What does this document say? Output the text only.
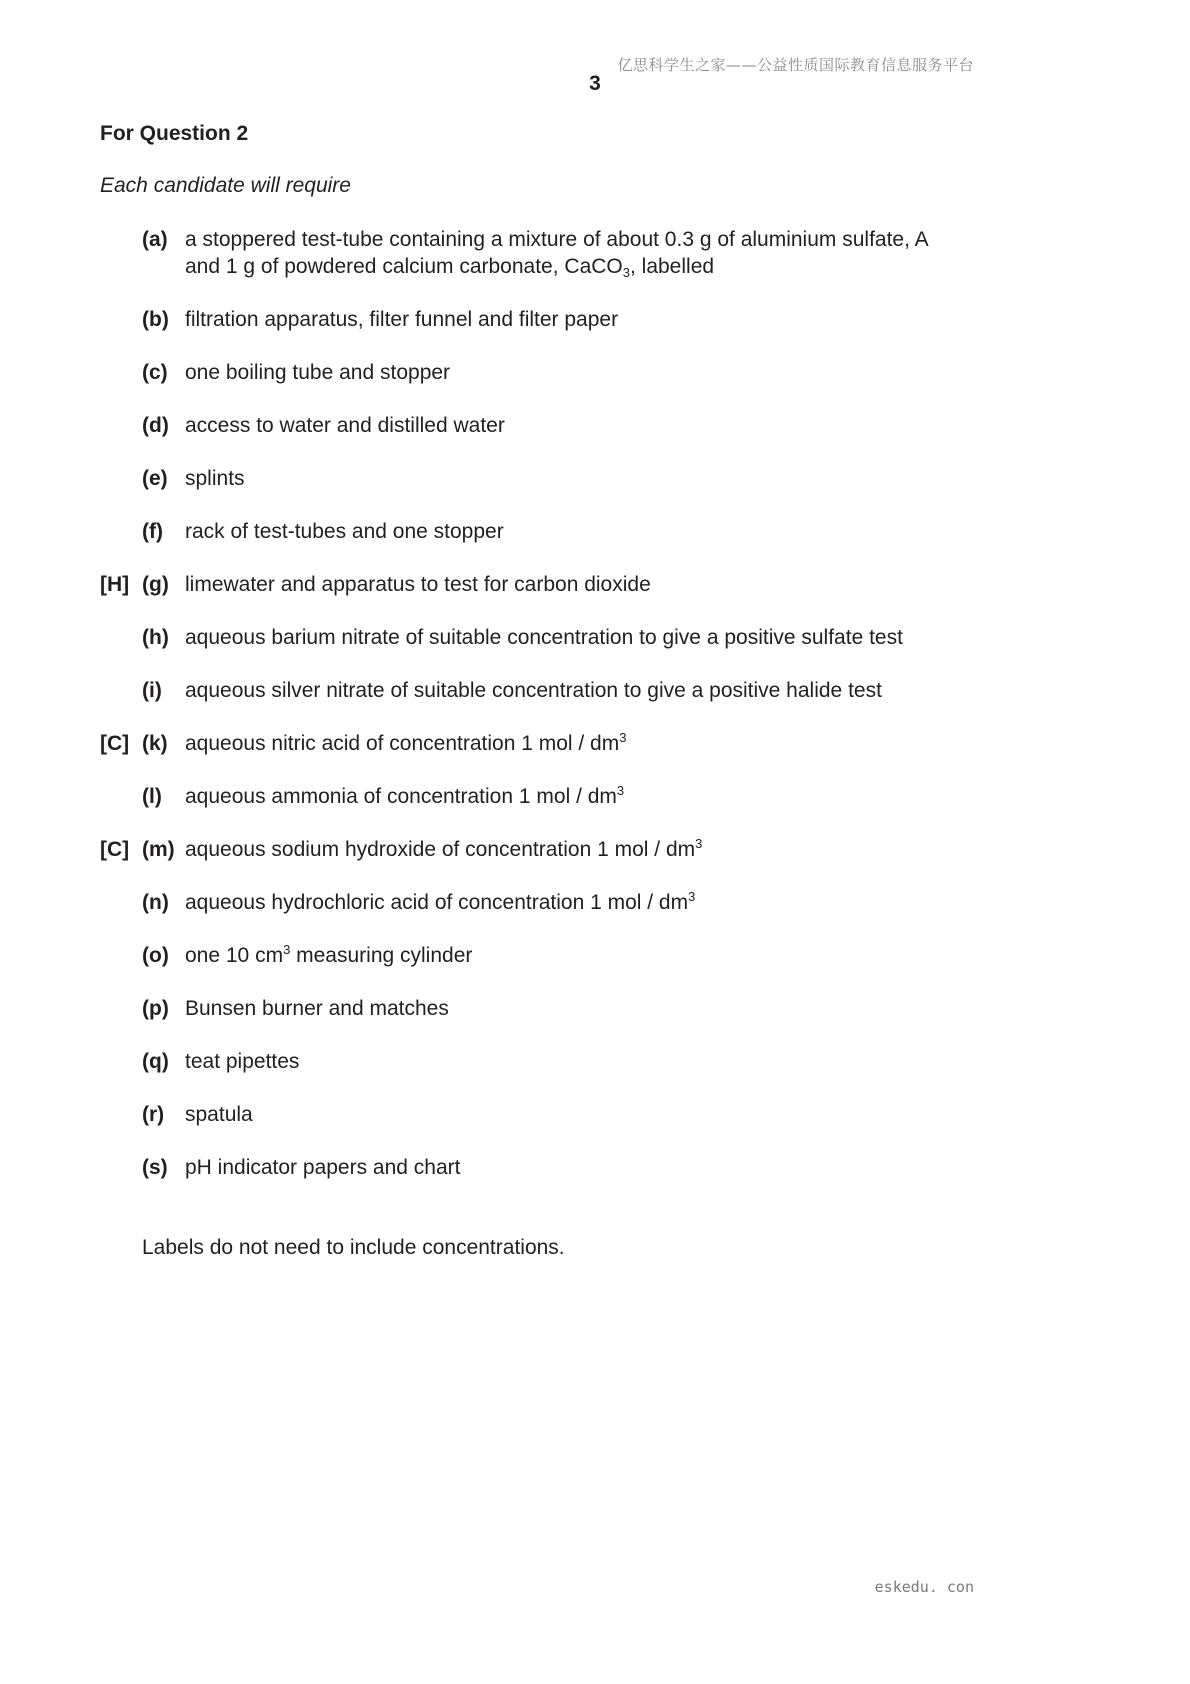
亿思科学生之家——公益性质国际教育信息服务平台
3
For Question 2
Each candidate will require
(a) a stoppered test-tube containing a mixture of about 0.3 g of aluminium sulfate, A
and 1 g of powdered calcium carbonate, CaCO$_3$, labelled
(b) filtration apparatus, filter funnel and filter paper
(c) one boiling tube and stopper
(d) access to water and distilled water
(e) splints
(f) rack of test-tubes and one stopper
[H] (g) limewater and apparatus to test for carbon dioxide
(h) aqueous barium nitrate of suitable concentration to give a positive sulfate test
(i) aqueous silver nitrate of suitable concentration to give a positive halide test
[C] (k) aqueous nitric acid of concentration 1 mol / $dm^3$
(l) aqueous ammonia of concentration 1 mol / $dm^3$
[C] (m) aqueous sodium hydroxide of concentration 1 mol / $dm^3$
(n) aqueous hydrochloric acid of concentration 1 mol / $dm^3$
(o) one 10 $cm^3$ measuring cylinder
(p) Bunsen burner and matches
(q) teat pipettes
(r) spatula
(s) pH indicator papers and chart
Labels do not need to include concentrations.
eskedu. con
